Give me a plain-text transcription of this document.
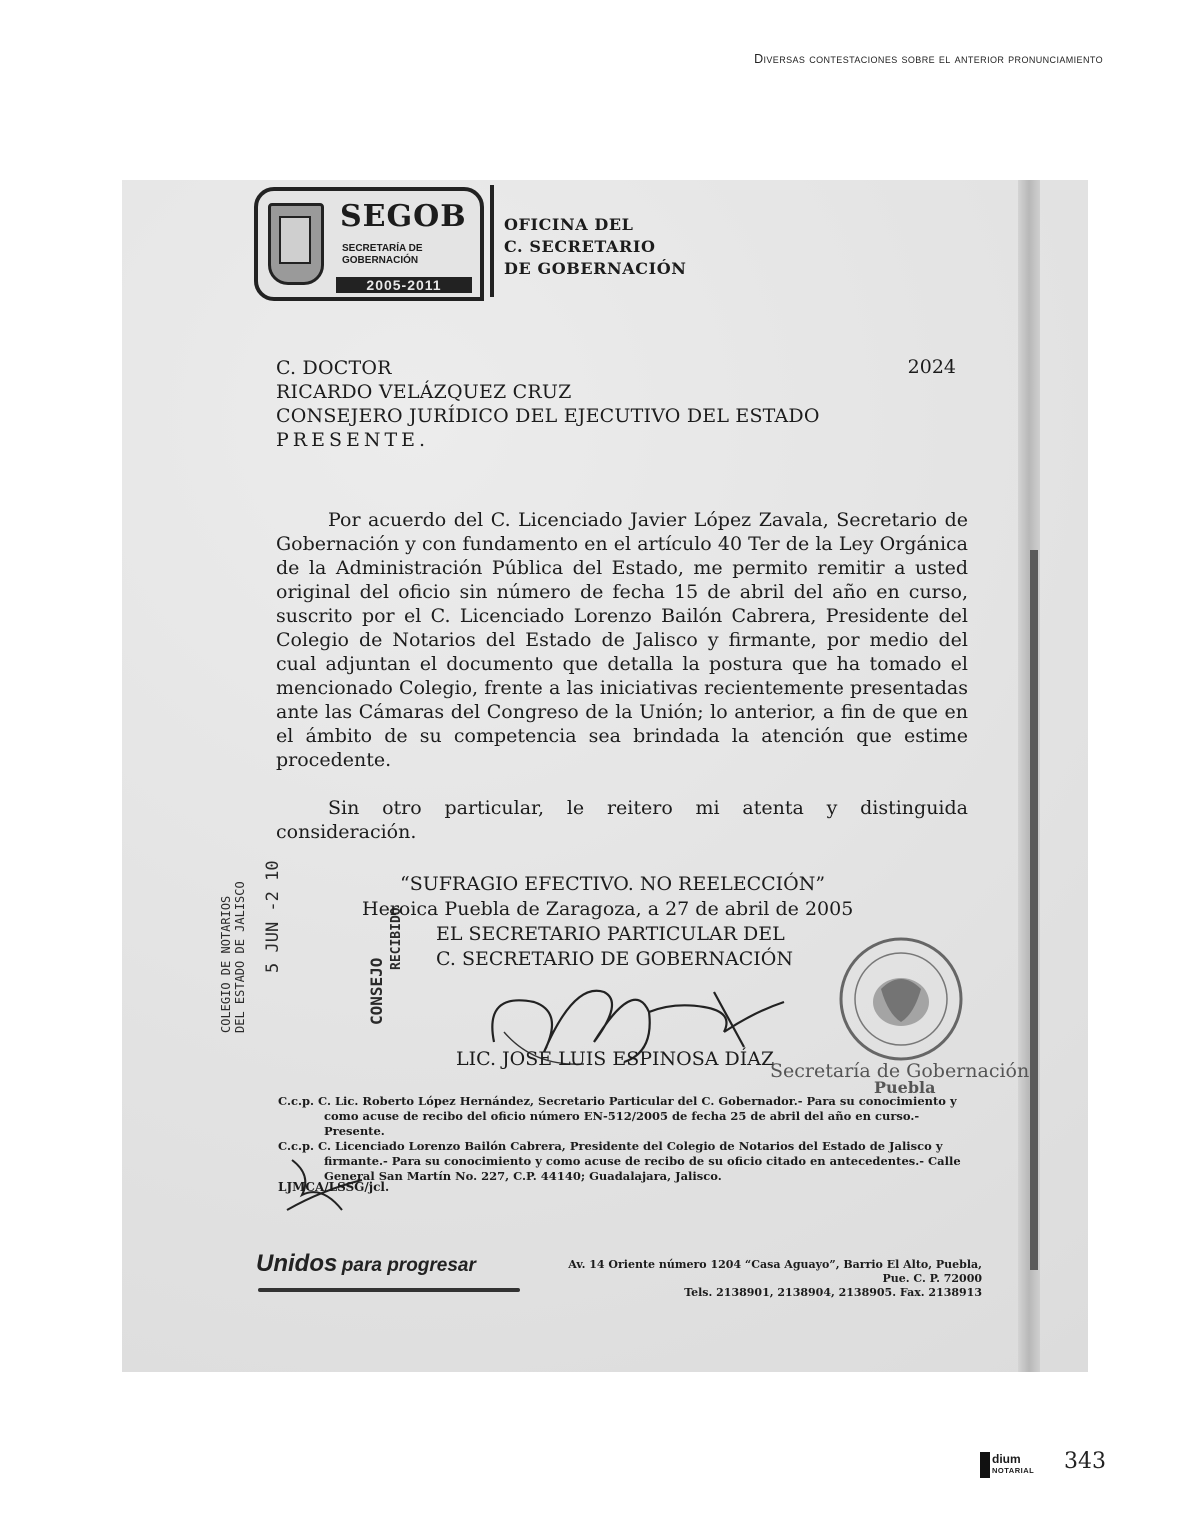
Diversas contestaciones sobre el anterior pronunciamiento
SEGOB
SECRETARÍA DE
GOBERNACIÓN
2005-2011
OFICINA DEL
C. SECRETARIO
DE GOBERNACIÓN
C. DOCTOR
RICARDO VELÁZQUEZ CRUZ
CONSEJERO JURÍDICO DEL EJECUTIVO DEL ESTADO
PRESENTE.
2024

Por acuerdo del C. Licenciado Javier López Zavala, Secretario de Gobernación y con fundamento en el artículo 40 Ter de la Ley Orgánica de la Administración Pública del Estado, me permito remitir a usted original del oficio sin número de fecha 15 de abril del año en curso, suscrito por el C. Licenciado Lorenzo Bailón Cabrera, Presidente del Colegio de Notarios del Estado de Jalisco y firmante, por medio del cual adjuntan el documento que detalla la postura que ha tomado el mencionado Colegio, frente a las iniciativas recientemente presentadas ante las Cámaras del Congreso de la Unión; lo anterior, a fin de que en el ámbito de su competencia sea brindada la atención que estime procedente.

Sin otro particular, le reitero mi atenta y distinguida consideración.

COLEGIO DE NOTARIOS DEL ESTADO DE JALISCO 5 JUN -2 10
CONSEJO
RECIBIDO
“SUFRAGIO EFECTIVO. NO REELECCIÓN”
Heroica Puebla de Zaragoza, a 27 de abril de 2005
EL SECRETARIO PARTICULAR DEL
C. SECRETARIO DE GOBERNACIÓN
LIC. JOSÉ LUIS ESPINOSA DÍAZ
Secretaría de Gobernación
Puebla

C.c.p. C. Lic. Roberto López Hernández, Secretario Particular del C. Gobernador.- Para su conocimiento y como acuse de recibo del oficio número EN-512/2005 de fecha 25 de abril del año en curso.- Presente.

C.c.p. C. Licenciado Lorenzo Bailón Cabrera, Presidente del Colegio de Notarios del Estado de Jalisco y firmante.- Para su conocimiento y como acuse de recibo de su oficio citado en antecedentes.- Calle General San Martín No. 227, C.P. 44140; Guadalajara, Jalisco.

LJMCA/LSSG/jcl.
Unidos para progresar	Av. 14 Oriente número 1204 “Casa Aguayo”, Barrio El Alto, Puebla, Pue. C. P. 72000
Tels. 2138901, 2138904, 2138905. Fax. 2138913
dium
NOTARIAL 343
